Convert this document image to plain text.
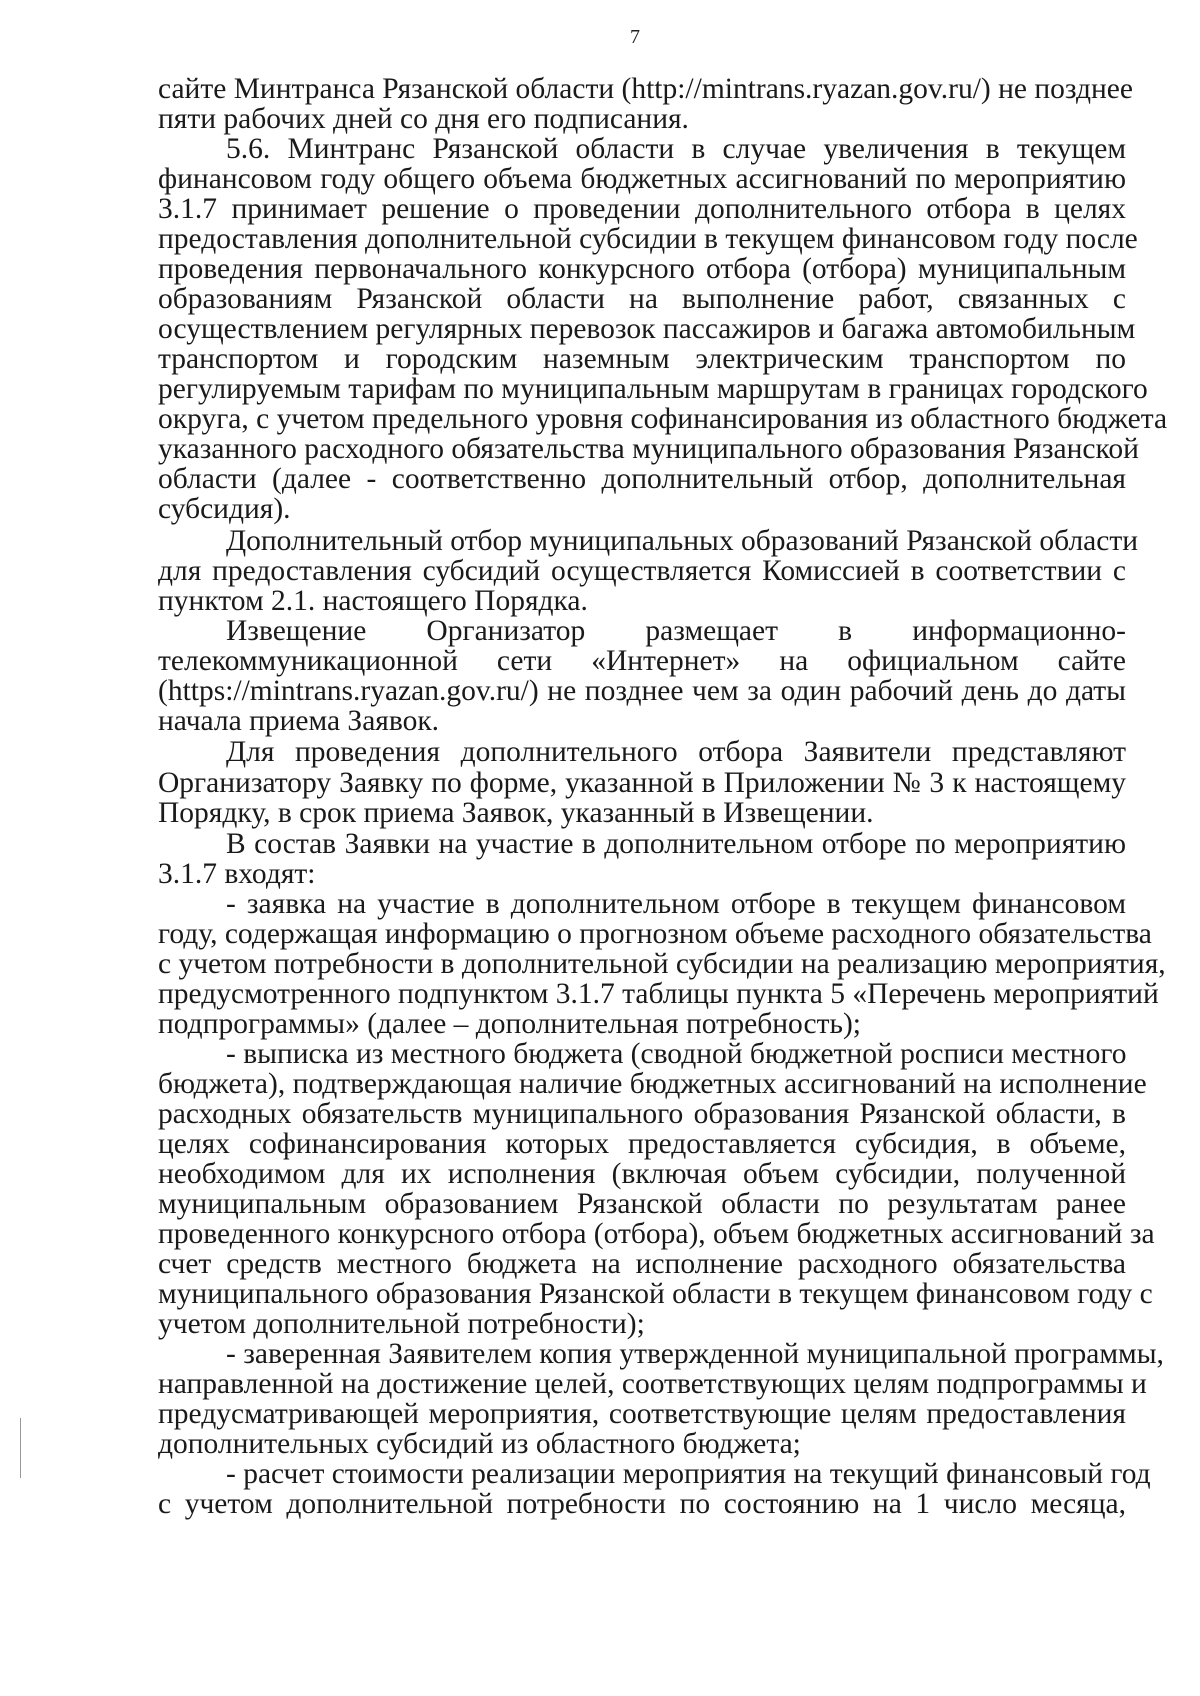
7

сайте Минтранса Рязанской области (http://mintrans.ryazan.gov.ru/) не позднее

пяти рабочих дней со дня его подписания.

5.6. Минтранс Рязанской области в случае увеличения в текущем

финансовом году общего объема бюджетных ассигнований по мероприятию

3.1.7 принимает решение о проведении дополнительного отбора в целях

предоставления дополнительной субсидии в текущем финансовом году после

проведения первоначального конкурсного отбора (отбора) муниципальным

образованиям Рязанской области на выполнение работ, связанных с

осуществлением регулярных перевозок пассажиров и багажа автомобильным

транспортом и городским наземным электрическим транспортом по

регулируемым тарифам по муниципальным маршрутам в границах городского

округа, с учетом предельного уровня софинансирования из областного бюджета

указанного расходного обязательства муниципального образования Рязанской

области (далее - соответственно дополнительный отбор, дополнительная

субсидия).

Дополнительный отбор муниципальных образований Рязанской области

для предоставления субсидий осуществляется Комиссией в соответствии с

пунктом 2.1. настоящего Порядка.

Извещение Организатор размещает в информационно-

телекоммуникационной сети «Интернет» на официальном сайте

(https://mintrans.ryazan.gov.ru/) не позднее чем за один рабочий день до даты

начала приема Заявок.

Для проведения дополнительного отбора Заявители представляют

Организатору Заявку по форме, указанной в Приложении № 3 к настоящему

Порядку, в срок приема Заявок, указанный в Извещении.

В состав Заявки на участие в дополнительном отборе по мероприятию

3.1.7 входят:

- заявка на участие в дополнительном отборе в текущем финансовом

году, содержащая информацию о прогнозном объеме расходного обязательства

с учетом потребности в дополнительной субсидии на реализацию мероприятия,

предусмотренного подпунктом 3.1.7 таблицы пункта 5 «Перечень мероприятий

подпрограммы» (далее – дополнительная потребность);

- выписка из местного бюджета (сводной бюджетной росписи местного

бюджета), подтверждающая наличие бюджетных ассигнований на исполнение

расходных обязательств муниципального образования Рязанской области, в

целях софинансирования которых предоставляется субсидия, в объеме,

необходимом для их исполнения (включая объем субсидии, полученной

муниципальным образованием Рязанской области по результатам ранее

проведенного конкурсного отбора (отбора), объем бюджетных ассигнований за

счет средств местного бюджета на исполнение расходного обязательства

муниципального образования Рязанской области в текущем финансовом году с

учетом дополнительной потребности);

- заверенная Заявителем копия утвержденной муниципальной программы,

направленной на достижение целей, соответствующих целям подпрограммы и

предусматривающей мероприятия, соответствующие целям предоставления

дополнительных субсидий из областного бюджета;

- расчет стоимости реализации мероприятия на текущий финансовый год

с учетом дополнительной потребности по состоянию на 1 число месяца,
